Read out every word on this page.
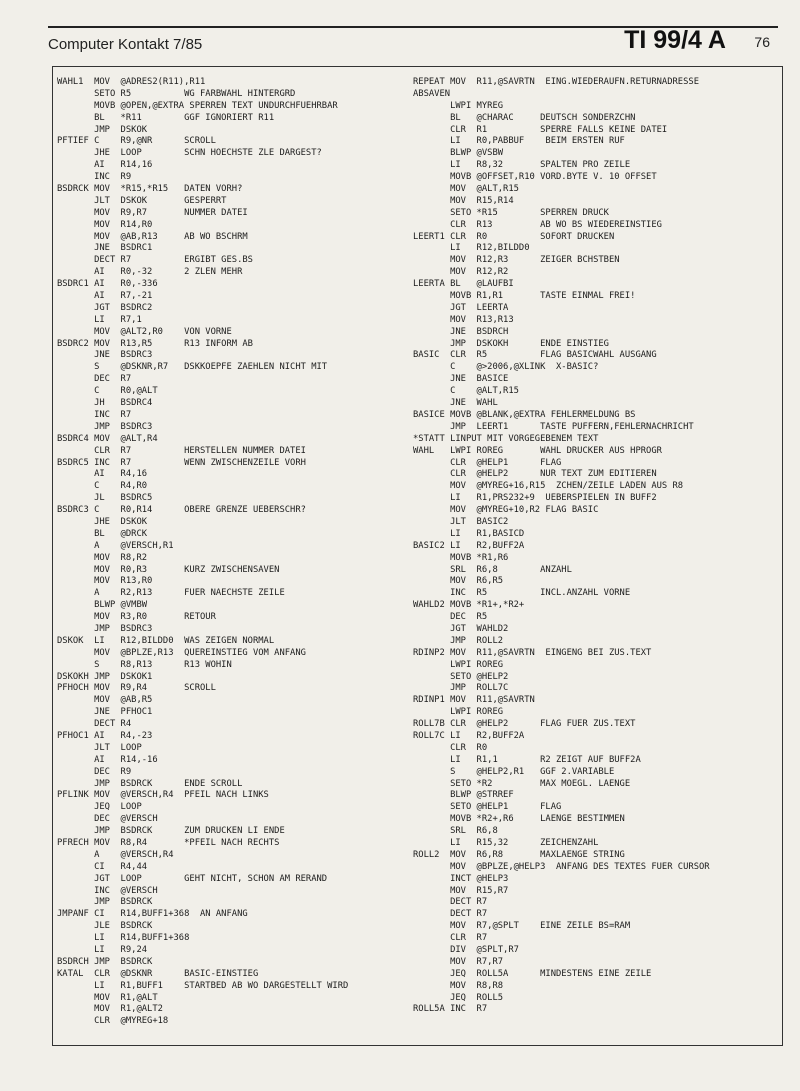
Computer Kontakt 7/85	TI 99/4 A 76
WAHL1  MOV  @ADRES2(R11),R11
SETO R5          WG FARBWAHL HINTERGRD
MOVB @OPEN,@EXTRA SPERREN TEXT UNDURCHFUEHRBAR
BL   *R11        GGF IGNORIERT R11
JMP  DSKOK
PFTIEF C    R9,@NR      SCROLL
JHE  LOOP        SCHN HOECHSTE ZLE DARGEST?
AI   R14,16
INC  R9
BSDRCK MOV  *R15,*R15   DATEN VORH?
JLT  DSKOK       GESPERRT
MOV  R9,R7       NUMMER DATEI
MOV  R14,R0
MOV  @AB,R13     AB WO BSCHRM
JNE  BSDRC1
DECT R7          ERGIBT GES.BS
AI   R0,-32      2 ZLEN MEHR
BSDRC1 AI   R0,-336
AI   R7,-21
JGT  BSDRC2
LI   R7,1
MOV  @ALT2,R0    VON VORNE
BSDRC2 MOV  R13,R5      R13 INFORM AB
JNE  BSDRC3
S    @DSKNR,R7   DSKKOEPFE ZAEHLEN NICHT MIT
DEC  R7
C    R0,@ALT
JH   BSDRC4
INC  R7
JMP  BSDRC3
BSDRC4 MOV  @ALT,R4
CLR  R7          HERSTELLEN NUMMER DATEI
BSDRC5 INC  R7          WENN ZWISCHENZEILE VORH
AI   R4,16
C    R4,R0
JL   BSDRC5
BSDRC3 C    R0,R14      OBERE GRENZE UEBERSCHR?
JHE  DSKOK
BL   @DRCK
A    @VERSCH,R1
MOV  R8,R2
MOV  R0,R3       KURZ ZWISCHENSAVEN
MOV  R13,R0
A    R2,R13      FUER NAECHSTE ZEILE
BLWP @VMBW
MOV  R3,R0       RETOUR
JMP  BSDRC3
DSKOK  LI   R12,BILDD0  WAS ZEIGEN NORMAL
MOV  @BPLZE,R13  QUEREINSTIEG VOM ANFANG
S    R8,R13      R13 WOHIN
DSKOKH JMP  DSKOK1
PFHOCH MOV  R9,R4       SCROLL
MOV  @AB,R5
JNE  PFHOC1
DECT R4
PFHOC1 AI   R4,-23
JLT  LOOP
AI   R14,-16
DEC  R9
JMP  BSDRCK      ENDE SCROLL
PFLINK MOV  @VERSCH,R4  PFEIL NACH LINKS
JEQ  LOOP
DEC  @VERSCH
JMP  BSDRCK      ZUM DRUCKEN LI ENDE
PFRECH MOV  R8,R4       *PFEIL NACH RECHTS
A    @VERSCH,R4
CI   R4,44
JGT  LOOP        GEHT NICHT, SCHON AM RERAND
INC  @VERSCH
JMP  BSDRCK
JMPANF CI   R14,BUFF1+368  AN ANFANG
JLE  BSDRCK
LI   R14,BUFF1+368
LI   R9,24
BSDRCH JMP  BSDRCK
KATAL  CLR  @DSKNR      BASIC-EINSTIEG
LI   R1,BUFF1    STARTBED AB WO DARGESTELLT WIRD
MOV  R1,@ALT
MOV  R1,@ALT2
CLR  @MYREG+18
REPEAT MOV  R11,@SAVRTN  EING.WIEDERAUFN.RETURNADRESSE
ABSAVEN
LWPI MYREG
BL   @CHARAC     DEUTSCH SONDERZCHN
CLR  R1          SPERRE FALLS KEINE DATEI
LI   R0,PABBUF    BEIM ERSTEN RUF
BLWP @VSBW
LI   R8,32       SPALTEN PRO ZEILE
MOVB @OFFSET,R10 VORD.BYTE V. 10 OFFSET
MOV  @ALT,R15
MOV  R15,R14
SETO *R15        SPERREN DRUCK
CLR  R13         AB WO BS WIEDEREINSTIEG
LEERT1 CLR  R0          SOFORT DRUCKEN
LI   R12,BILDD0
MOV  R12,R3      ZEIGER BCHSTBEN
MOV  R12,R2
LEERTA BL   @LAUFBI
MOVB R1,R1       TASTE EINMAL FREI!
JGT  LEERTA
MOV  R13,R13
JNE  BSDRCH
JMP  DSKOKH      ENDE EINSTIEG
BASIC  CLR  R5          FLAG BASICWAHL AUSGANG
C    @>2006,@XLINK  X-BASIC?
JNE  BASICE
C    @ALT,R15
JNE  WAHL
BASICE MOVB @BLANK,@EXTRA FEHLERMELDUNG BS
JMP  LEERT1      TASTE PUFFERN,FEHLERNACHRICHT
*STATT LINPUT MIT VORGEGEBENEM TEXT
WAHL   LWPI ROREG       WAHL DRUCKER AUS HPROGR
CLR  @HELP1      FLAG
CLR  @HELP2      NUR TEXT ZUM EDITIEREN
MOV  @MYREG+16,R15  ZCHEN/ZEILE LADEN AUS R8
LI   R1,PRS232+9  UEBERSPIELEN IN BUFF2
MOV  @MYREG+10,R2 FLAG BASIC
JLT  BASIC2
LI   R1,BASICD
BASIC2 LI   R2,BUFF2A
MOVB *R1,R6
SRL  R6,8        ANZAHL
MOV  R6,R5
INC  R5          INCL.ANZAHL VORNE
WAHLD2 MOVB *R1+,*R2+
DEC  R5
JGT  WAHLD2
JMP  ROLL2
RDINP2 MOV  R11,@SAVRTN  EINGENG BEI ZUS.TEXT
LWPI ROREG
SETO @HELP2
JMP  ROLL7C
RDINP1 MOV  R11,@SAVRTN
LWPI ROREG
ROLL7B CLR  @HELP2      FLAG FUER ZUS.TEXT
ROLL7C LI   R2,BUFF2A
CLR  R0
LI   R1,1        R2 ZEIGT AUF BUFF2A
S    @HELP2,R1   GGF 2.VARIABLE
SETO *R2         MAX MOEGL. LAENGE
BLWP @STRREF
SETO @HELP1      FLAG
MOVB *R2+,R6     LAENGE BESTIMMEN
SRL  R6,8
LI   R15,32      ZEICHENZAHL
ROLL2  MOV  R6,R8       MAXLAENGE STRING
MOV  @BPLZE,@HELP3  ANFANG DES TEXTES FUER CURSOR
INCT @HELP3
MOV  R15,R7
DECT R7
DECT R7
MOV  R7,@SPLT    EINE ZEILE BS=RAM
CLR  R7
DIV  @SPLT,R7
MOV  R7,R7
JEQ  ROLL5A      MINDESTENS EINE ZEILE
MOV  R8,R8
JEQ  ROLL5
ROLL5A INC  R7
